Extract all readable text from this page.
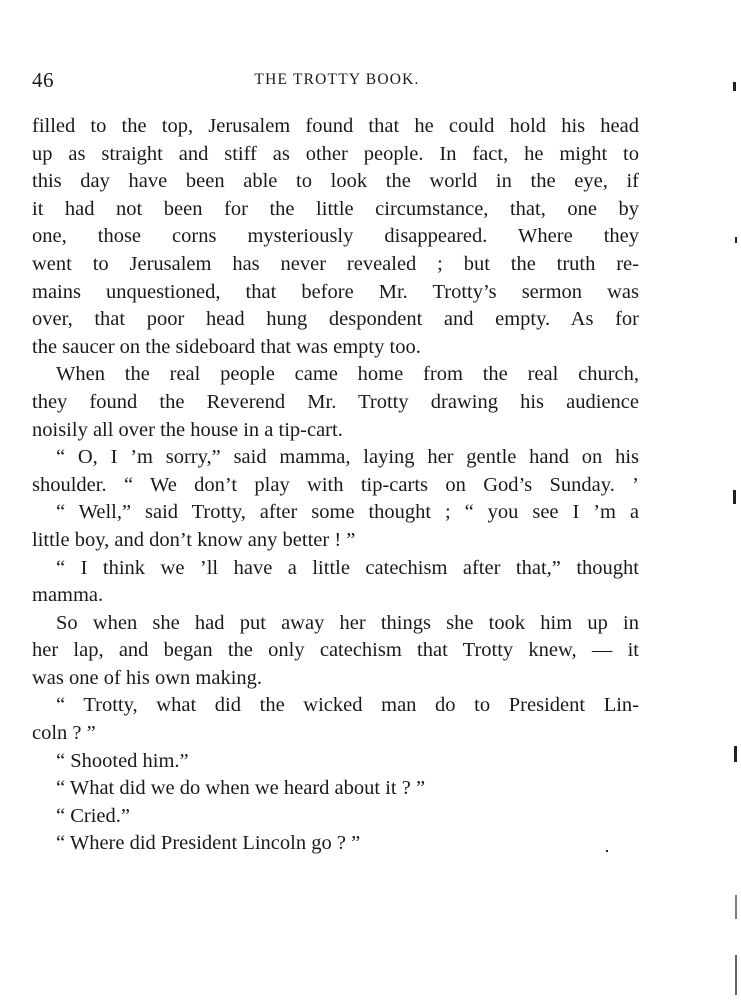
46	THE TROTTY BOOK.
filled to the top, Jerusalem found that he could hold his head
up as straight and stiff as other people. In fact, he might to
this day have been able to look the world in the eye, if
it had not been for the little circumstance, that, one by
one, those corns mysteriously disappeared. Where they
went to Jerusalem has never revealed ; but the truth re-
mains unquestioned, that before Mr. Trotty’s sermon was
over, that poor head hung despondent and empty. As for
the saucer on the sideboard that was empty too.
When the real people came home from the real church,
they found the Reverend Mr. Trotty drawing his audience
noisily all over the house in a tip-cart.
“ O, I ’m sorry,” said mamma, laying her gentle hand on his
shoulder. “ We don’t play with tip-carts on God’s Sunday. ’
“ Well,” said Trotty, after some thought ; “ you see I ’m a
little boy, and don’t know any better ! ”
“ I think we ’ll have a little catechism after that,” thought
mamma.
So when she had put away her things she took him up in
her lap, and began the only catechism that Trotty knew, — it
was one of his own making.
“ Trotty, what did the wicked man do to President Lin-
coln ? ”
“ Shooted him.”
“ What did we do when we heard about it ? ”
“ Cried.”
“ Where did President Lincoln go ? ”
